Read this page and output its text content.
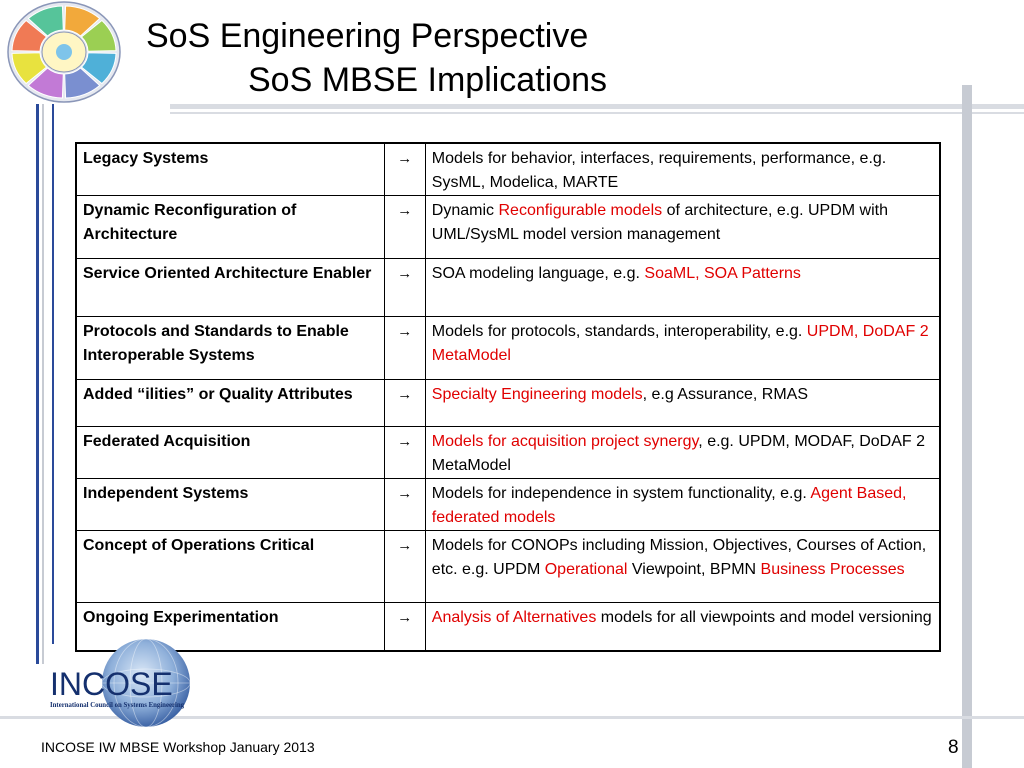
SoS Engineering Perspective
SoS MBSE Implications
Legacy Systems	→	Models for behavior, interfaces, requirements, performance, e.g. SysML, Modelica, MARTE
Dynamic Reconfiguration of Architecture	→	Dynamic Reconfigurable models of architecture, e.g. UPDM with UML/SysML model version management
Service Oriented Architecture Enabler	→	SOA modeling language, e.g. SoaML, SOA Patterns
Protocols and Standards to Enable Interoperable Systems	→	Models for protocols, standards, interoperability, e.g. UPDM, DoDAF 2 MetaModel
Added “ilities” or Quality Attributes	→	Specialty Engineering models, e.g Assurance, RMAS
Federated Acquisition	→	Models for acquisition project synergy, e.g. UPDM, MODAF, DoDAF 2 MetaModel
Independent Systems	→	Models for independence in system functionality, e.g. Agent Based, federated models
Concept of Operations Critical	→	Models for CONOPs including Mission, Objectives, Courses of Action, etc. e.g. UPDM Operational Viewpoint, BPMN Business Processes
Ongoing Experimentation	→	Analysis of Alternatives models for all viewpoints and model versioning
INCOSE
International Council on Systems Engineering
INCOSE IW MBSE Workshop January 2013	8
